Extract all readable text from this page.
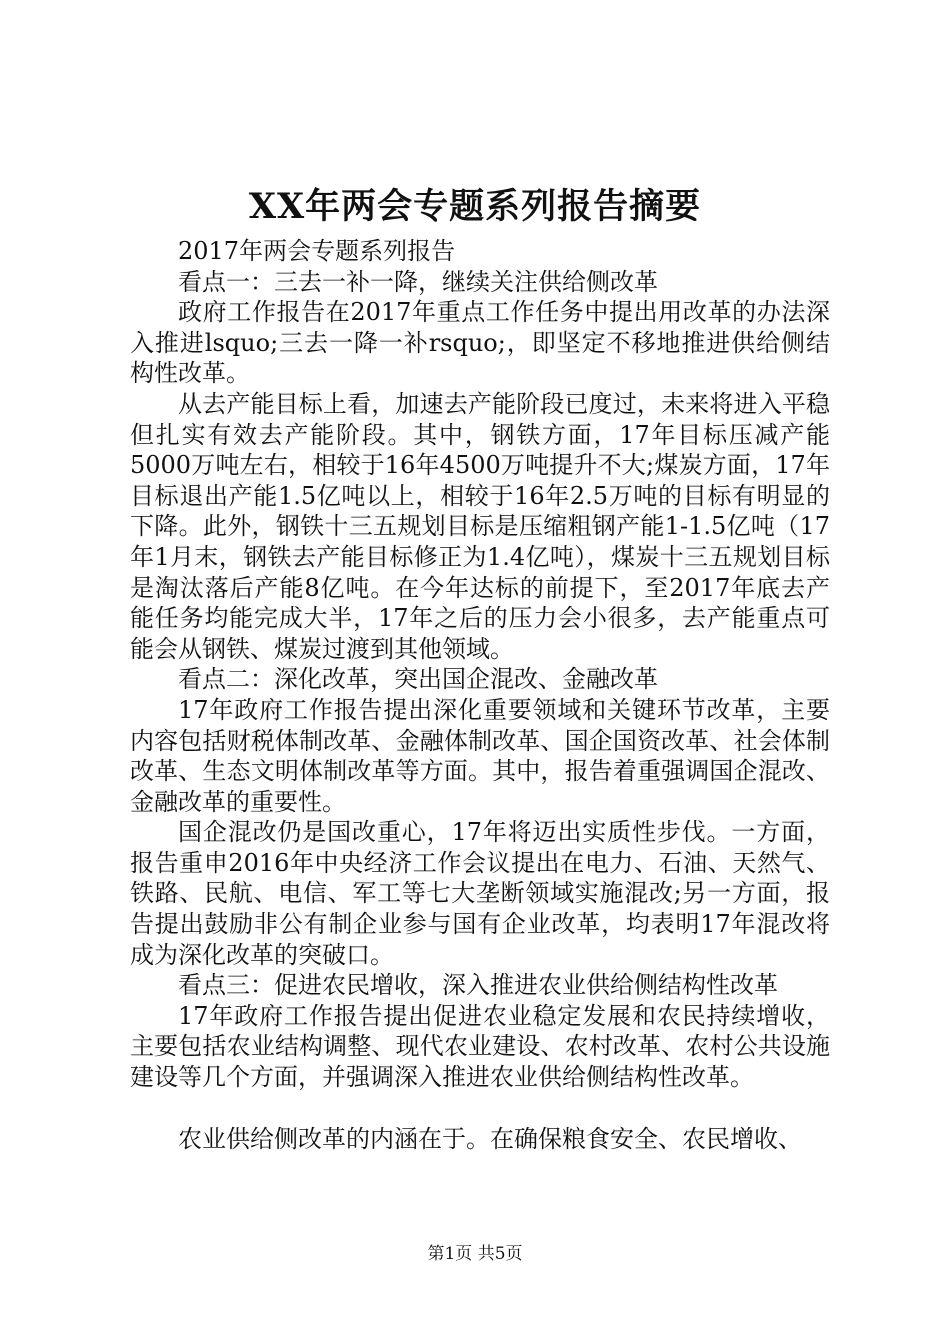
XX年两会专题系列报告摘要

2017年两会专题系列报告

看点一：三去一补一降，继续关注供给侧改革

政府工作报告在2017年重点工作任务中提出用改革的办法深入推进lsquo;三去一降一补rsquo;，即坚定不移地推进供给侧结构性改革。

从去产能目标上看，加速去产能阶段已度过，未来将进入平稳但扎实有效去产能阶段。其中，钢铁方面，17年目标压减产能5000万吨左右，相较于16年4500万吨提升不大;煤炭方面，17年目标退出产能1.5亿吨以上，相较于16年2.5万吨的目标有明显的下降。此外，钢铁十三五规划目标是压缩粗钢产能1-1.5亿吨（17年1月末，钢铁去产能目标修正为1.4亿吨），煤炭十三五规划目标是淘汰落后产能8亿吨。在今年达标的前提下，至2017年底去产能任务均能完成大半，17年之后的压力会小很多，去产能重点可能会从钢铁、煤炭过渡到其他领域。

看点二：深化改革，突出国企混改、金融改革

17年政府工作报告提出深化重要领域和关键环节改革，主要内容包括财税体制改革、金融体制改革、国企国资改革、社会体制改革、生态文明体制改革等方面。其中，报告着重强调国企混改、金融改革的重要性。

国企混改仍是国改重心，17年将迈出实质性步伐。一方面，报告重申2016年中央经济工作会议提出在电力、石油、天然气、铁路、民航、电信、军工等七大垄断领域实施混改;另一方面，报告提出鼓励非公有制企业参与国有企业改革，均表明17年混改将成为深化改革的突破口。

看点三：促进农民增收，深入推进农业供给侧结构性改革

17年政府工作报告提出促进农业稳定发展和农民持续增收，主要包括农业结构调整、现代农业建设、农村改革、农村公共设施建设等几个方面，并强调深入推进农业供给侧结构性改革。

农业供给侧改革的内涵在于。在确保粮食安全、农民增收、

第1页 共5页
